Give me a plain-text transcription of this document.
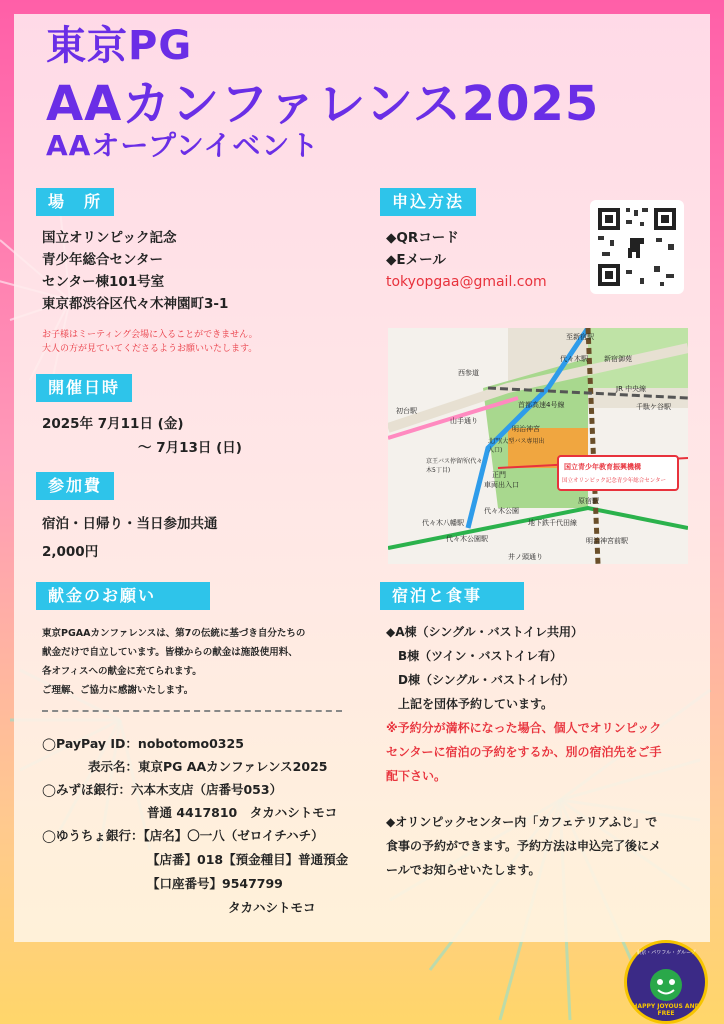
東京PG
AAカンファレンス2025
AAオープンイベント
場　所
国立オリンピック記念
青少年総合センター
センター棟101号室
東京都渋谷区代々木神園町3-1
お子様はミーティング会場に入ることができません。
大人の方が見ていてくださるようお願いいたします。
開催日時
2025年 7月11日 (金)
～ 7月13日 (日)
参加費
宿泊・日帰り・当日参加共通
2,000円
献金のお願い
東京PGAAカンファレンスは、第7の伝統に基づき自分たちの
献金だけで自立しています。皆様からの献金は施設使用料、
各オフィスへの献金に充てられます。
ご理解、ご協力に感謝いたします。
◯PayPay ID：nobotomo0325
表示名：東京PG AAカンファレンス2025
◯みずほ銀行：六本木支店（店番号053）
普通 4417810　タカハシトモコ
◯ゆうちょ銀行：【店名】〇一八（ゼロイチハチ）
【店番】018【預金種目】普通預金
【口座番号】9547799
タカハシトモコ
申込方法
◆QRコード
◆Eメール
tokyopgaa@gmail.com
新宿御苑
JR 中央線
千駄ケ谷駅
至新宿駅
代々木駅
明治神宮
初台駅
西参道
山手通り
首都高速4号線
代々木公園
北門(大型バス専用出入口)
正門
車両出入口
京王バス停留所(代々木5丁目)
代々木八幡駅
代々木公園駅
地下鉄千代田線
原宿駅
明治神宮前駅
井ノ頭通り
国立青少年教育振興機構
国立オリンピック記念青少年総合センター
宿泊と食事
◆A棟（シングル・バストイレ共用）
B棟（ツイン・バストイレ有）
D棟（シングル・バストイレ付）
上記を団体予約しています。
※予約分が満杯になった場合、個人でオリンピック
センターに宿泊の予約をするか、別の宿泊先をご手
配下さい。
◆オリンピックセンター内「カフェテリアふじ」で
食事の予約ができます。予約方法は申込完了後にメ
ールでお知らせいたします。
東京・パワフル・グループ
HAPPY JOYOUS AND FREE
